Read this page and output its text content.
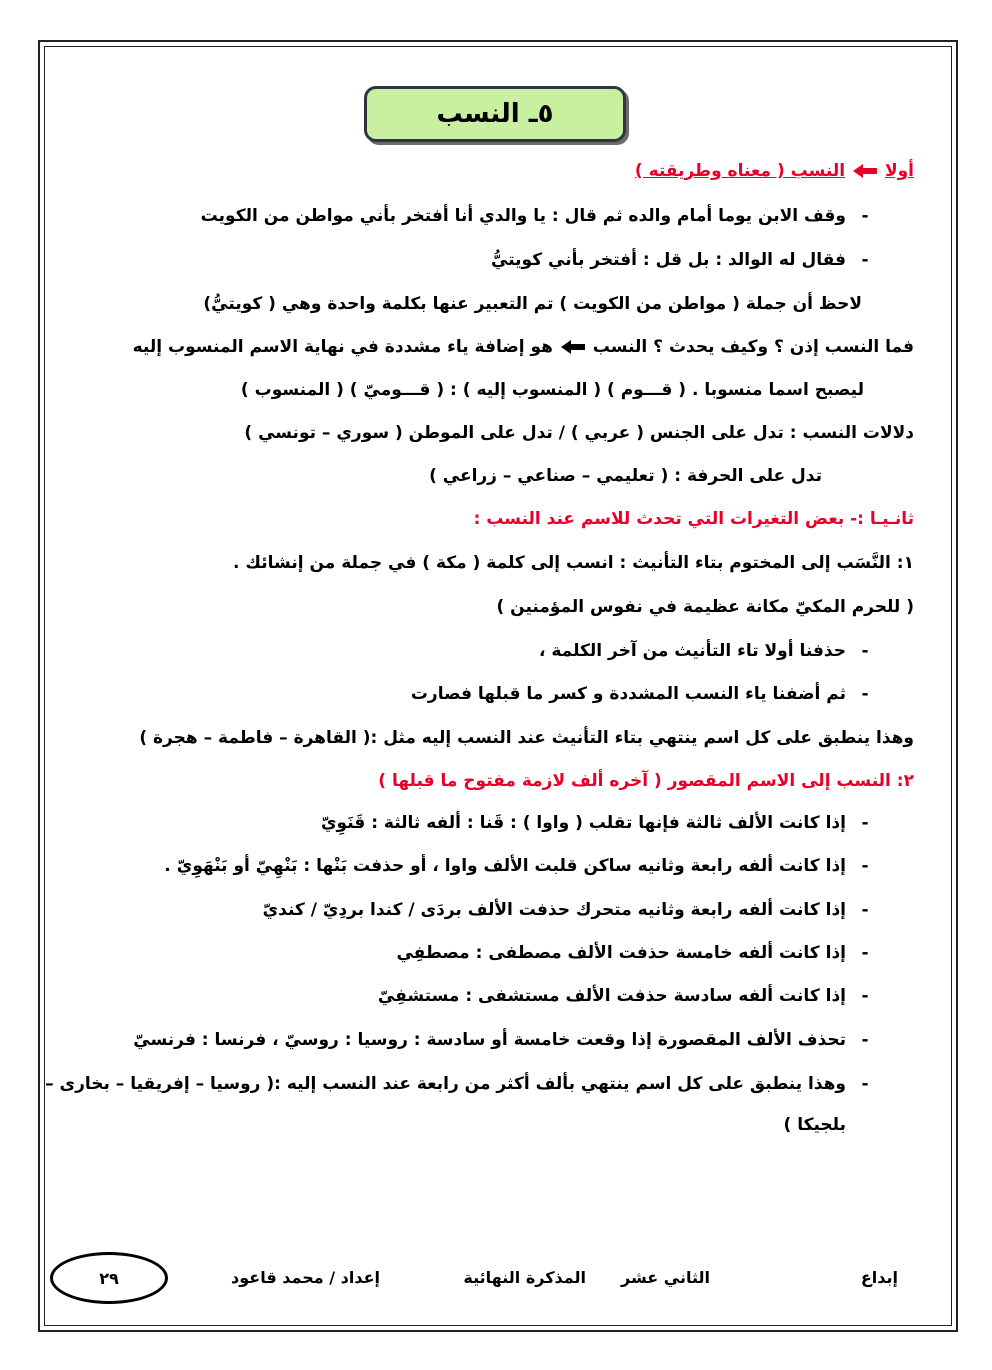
٥ـ النسب
أولا  النسب ( معناه وطريقته )
- وقف الابن يوما أمام والده ثم قال : يا والدي أنا أفتخر بأني مواطن من الكويت
- فقال له الوالد : بل قل : أفتخر بأني كويتيُّ
لاحظ أن جملة ( مواطن من الكويت ) تم التعبير عنها بكلمة واحدة وهي ( كويتيُّ)
فما النسب إذن ؟ وكيف يحدث ؟ النسب  هو إضافة ياء مشددة في نهاية الاسم المنسوب إليه
ليصبح اسما منسوبا . ( قـــوم ) ( المنسوب إليه ) : ( قـــوميّ ) ( المنسوب )
دلالات النسب : تدل على الجنس ( عربي ) / تدل على الموطن ( سوري – تونسي )
تدل على الحرفة : ( تعليمي – صناعي – زراعي )
ثانـيـا :- بعض التغيرات التي تحدث للاسم عند النسب :
١: النَّسَب إلى المختوم بتاء التأنيث : انسب إلى كلمة ( مكة ) في جملة من إنشائك .
( للحرم المكيّ مكانة عظيمة في نفوس المؤمنين )
- حذفنا أولا تاء التأنيث من آخر الكلمة ،
- ثم أضفنا ياء النسب المشددة و كسر ما قبلها فصارت
وهذا ينطبق على كل اسم ينتهي بتاء التأنيث عند النسب إليه مثل :( القاهرة – فاطمة – هجرة )
٢: النسب إلى الاسم المقصور ( آخره ألف لازمة مفتوح ما قبلها )
- إذا كانت الألف ثالثة فإنها تقلب ( واوا ) : قَنا : ألفه ثالثة : قَنَوِيّ
- إذا كانت ألفه رابعة وثانيه ساكن قلبت الألف واوا ، أو حذفت بَنْها : بَنْهِيّ أو بَنْهَوِيّ .
- إذا كانت ألفه رابعة وثانيه متحرك حذفت الألف بردَى / كندا بردِيّ / كنديّ
- إذا كانت ألفه خامسة حذفت الألف مصطفى : مصطفِي
- إذا كانت ألفه سادسة حذفت الألف مستشفى : مستشفِيّ
- تحذف الألف المقصورة إذا وقعت خامسة أو سادسة : روسيا : روسيّ ، فرنسا : فرنسيّ
- وهذا ينطبق على كل اسم ينتهي بألف أكثر من رابعة عند النسب إليه :( روسيا – إفريقيا – بخارى –
بلجيكا )
إبداع
الثاني عشر
المذكرة النهائية
إعداد / محمد قاعود
٢٩
